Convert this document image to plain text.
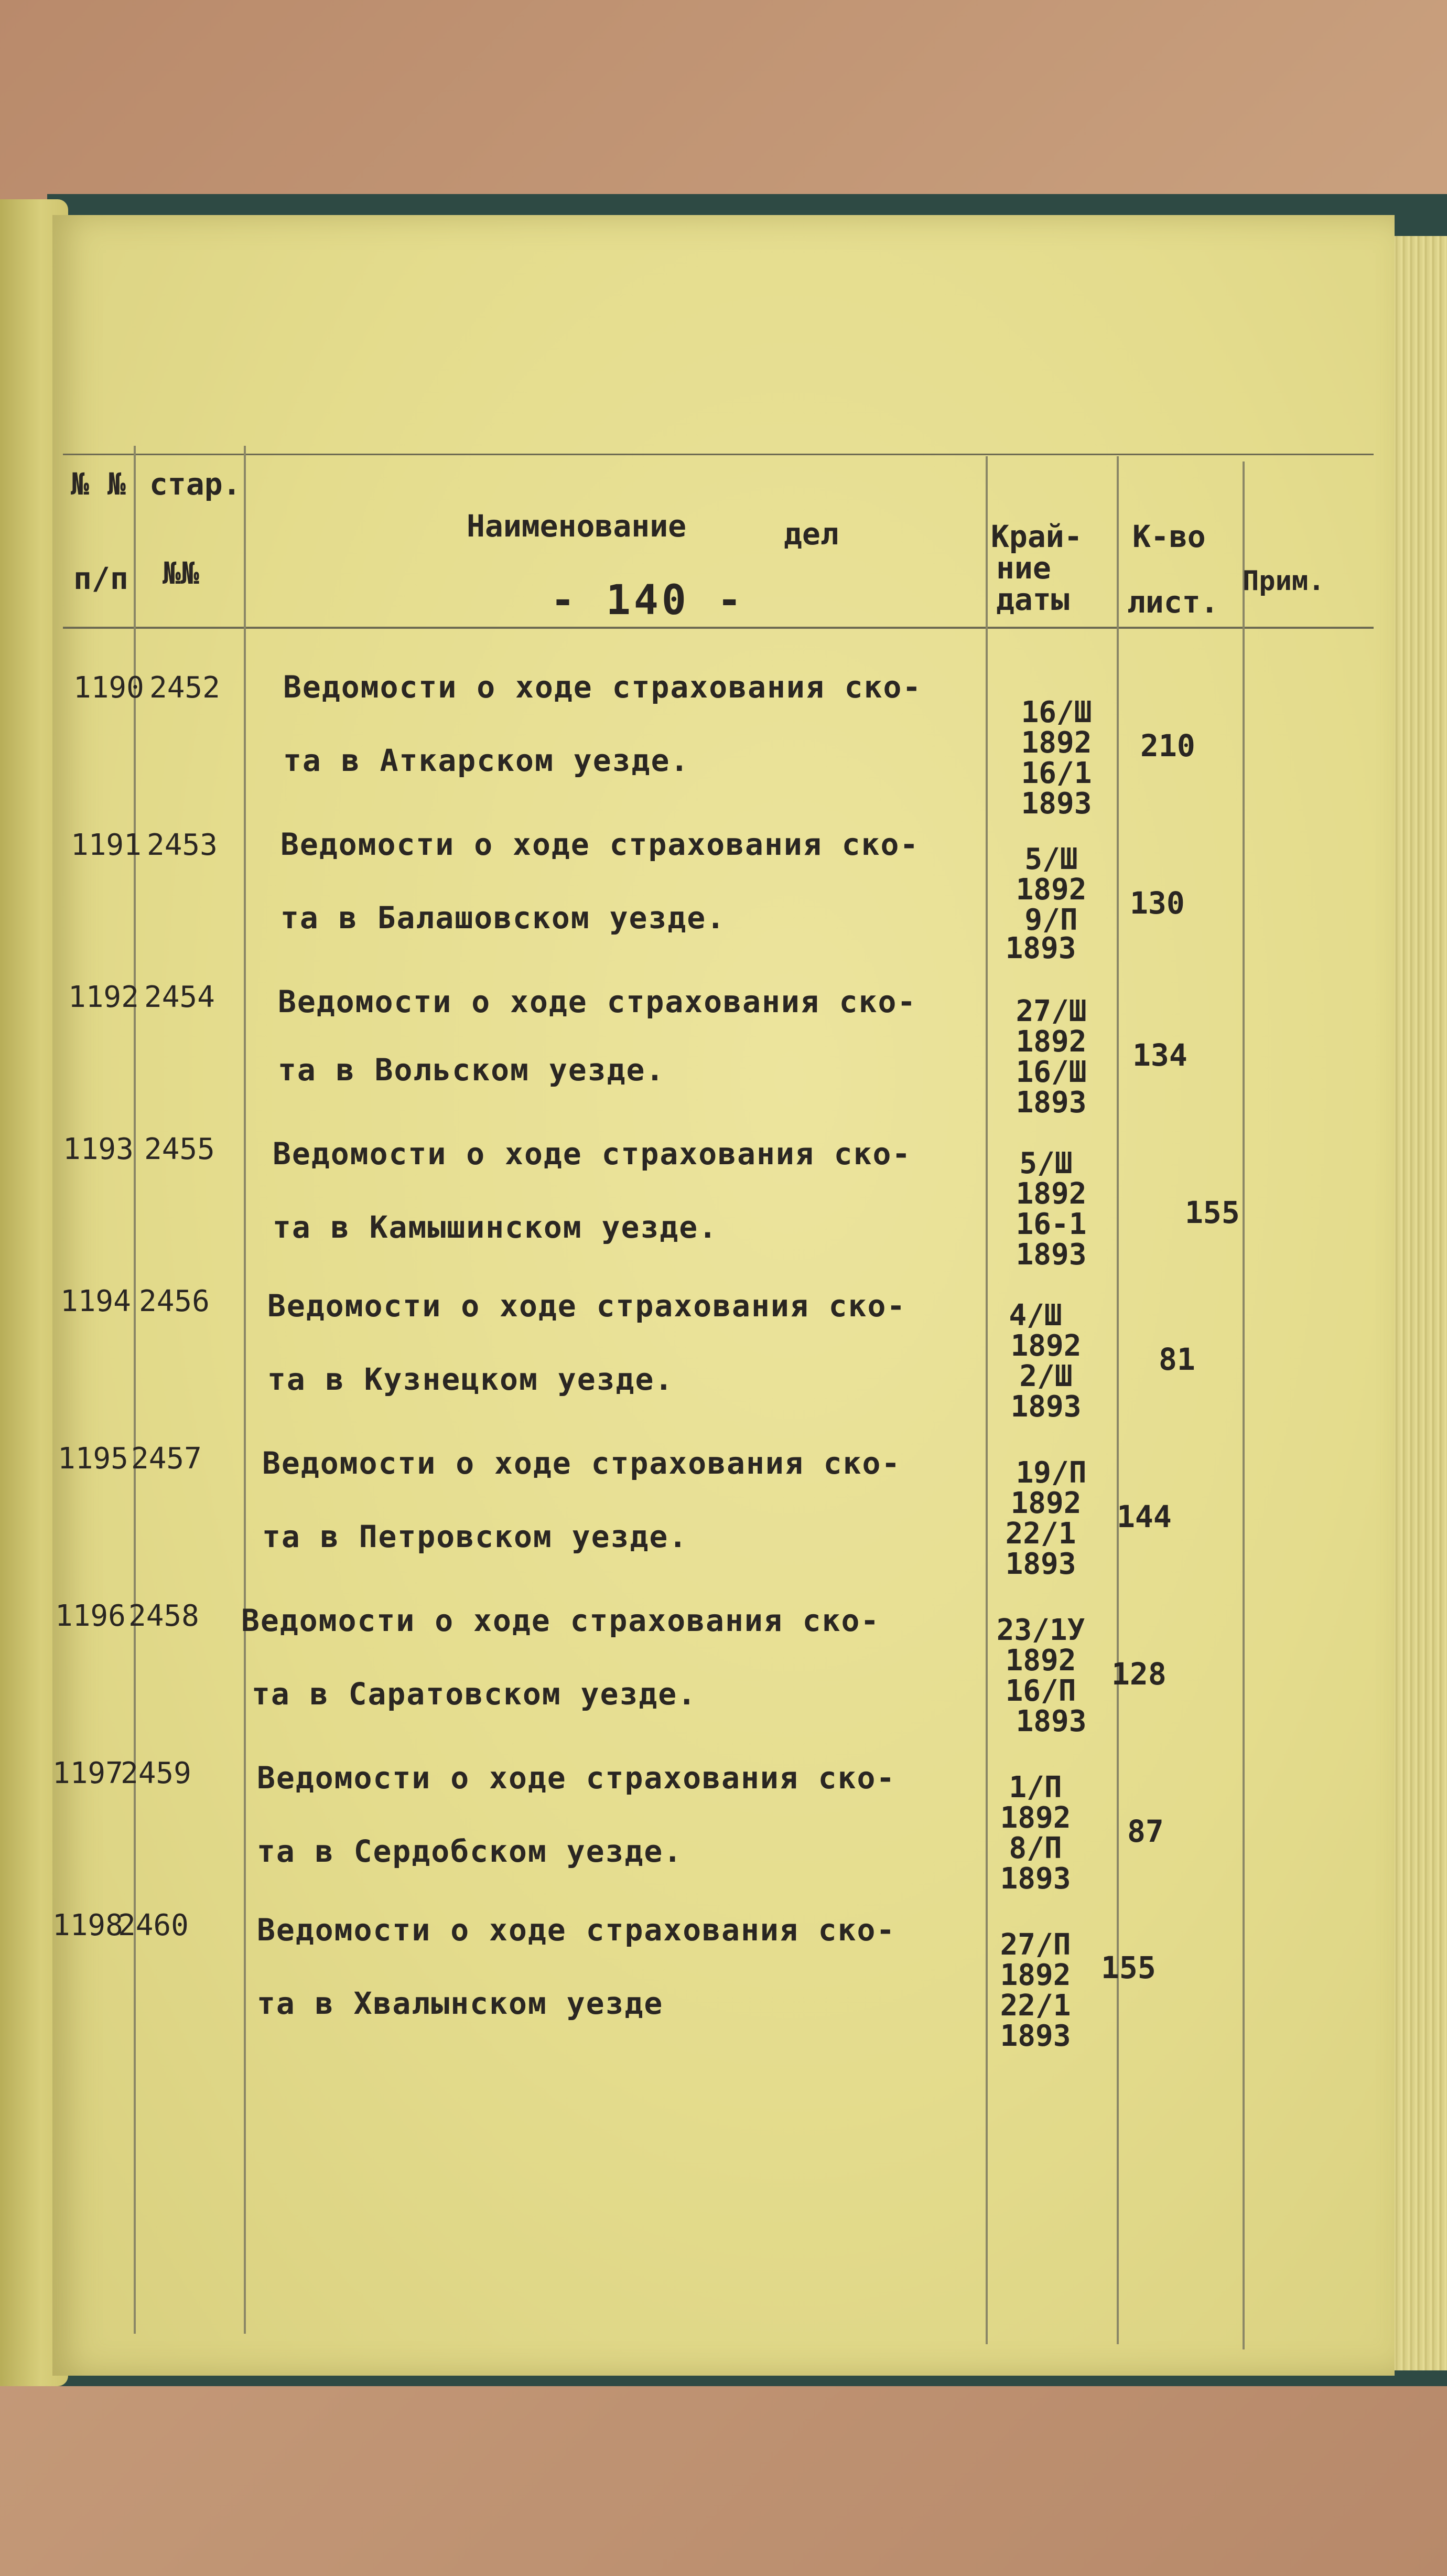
- 140 -
№ №
п/п
стар.
№№
Наименование	дел	Край-
ние
даты
К-во
лист.
Прим.
1190 2452 Ведомости о ходе страхования ско-
та в Аткарском уезде.
16/Ш
1892
16/1
1893
210
1191 2453 Ведомости о ходе страхования ско-
та в Балашовском уезде.
5/Ш
1892
9/П
1893
130
1192 2454 Ведомости о ходе страхования ско-
та в Вольском уезде.
27/Ш
1892
16/Ш
1893
134
1193 2455 Ведомости о ходе страхования ско-
та в Камышинском уезде.
5/Ш
1892
16-1
1893
155
1194 2456 Ведомости о ходе страхования ско-
та в Кузнецком уезде.
4/Ш
1892
2/Ш
1893
81
1195 2457 Ведомости о ходе страхования ско-
та в Петровском уезде.
19/П
1892
22/1
1893
144
1196 2458 Ведомости о ходе страхования ско-
та в Саратовском уезде.
23/1У
1892
16/П
1893
128
1197
2459 Ведомости о ходе страхования ско-
та в Сердобском уезде.
1/П
1892
8/П
1893
87
1198
2460 Ведомости о ходе страхования ско-
та в Хвалынском уезде
27/П
1892
22/1
1893
155
